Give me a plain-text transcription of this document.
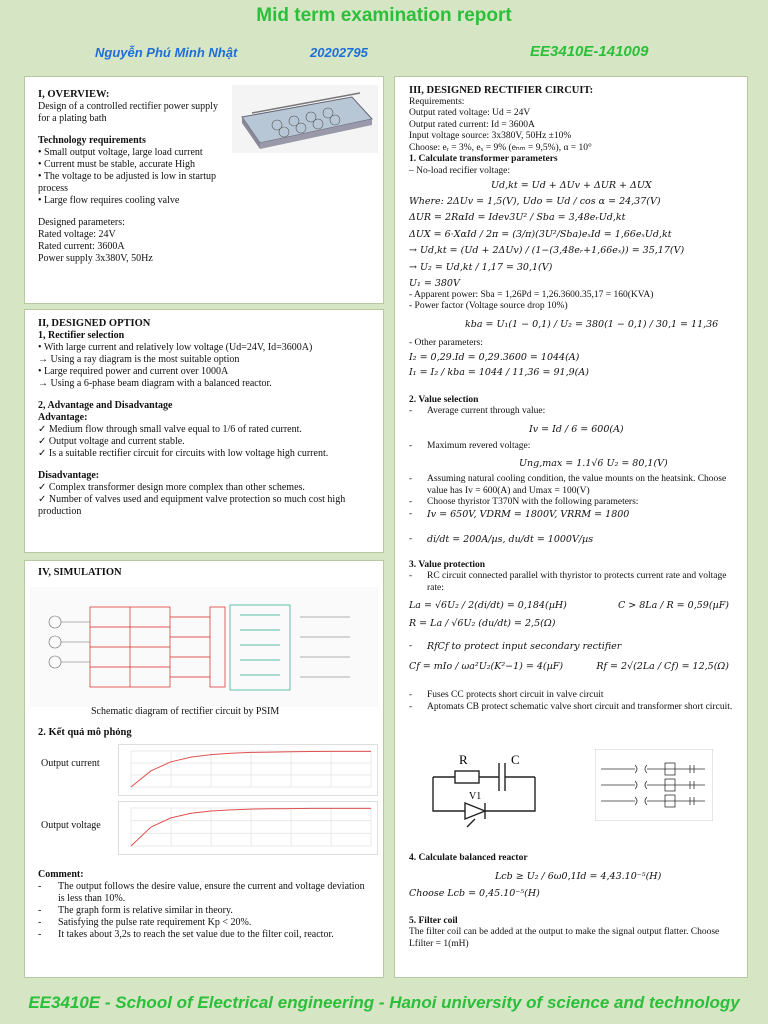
Mid term examination report
Nguyễn Phú Minh Nhật	20202795	EE3410E-141009
I, OVERVIEW:
Design of a controlled rectifier power supply for a plating bath
Technology requirements
• Small output voltage, large load current
• Current must be stable, accurate High
• The voltage to be adjusted is low in startup process
• Large flow requires cooling valve
Designed parameters:
Rated voltage: 24V
Rated current: 3600A
Power supply 3x380V, 50Hz
II, DESIGNED OPTION
1, Rectifier selection
• With large current and relatively low voltage (Ud=24V, Id=3600A)
→ Using a ray diagram is the most suitable option
• Large required power and current over 1000A
→ Using a 6-phase beam diagram with a balanced reactor.
2, Advantage and Disadvantage
Advantage:
✓ Medium flow through small valve equal to 1/6 of rated current.
✓ Output voltage and current stable.
✓ Is a suitable rectifier circuit for circuits with low voltage high current.
Disadvantage:
✓ Complex transformer design more complex than other schemes.
✓ Number of valves used and equipment valve protection so much cost high production
IV, SIMULATION
Schematic diagram of rectifier circuit by PSIM
2. Kết quả mô phỏng
Output current
Output voltage
Comment:
-	The output follows the desire value, ensure the current and voltage deviation is less than 10%.
-	The graph form is relative similar in theory.
-	Satisfying the pulse rate requirement Kp < 20%.
-	It takes about 3,2s to reach the set value due to the filter coil, reactor.
III, DESIGNED RECTIFIER CIRCUIT:
Requirements:
Output rated voltage: Ud = 24V
Output rated current: Id = 3600A
Input voltage source: 3x380V, 50Hz ±10%
Choose: eᵣ = 3%, eₓ = 9% (eₙₘ = 9,5%), α = 10°
1. Calculate transformer parameters
– No-load recifier voltage:
Ud,kt = Ud + ΔUv + ΔUR + ΔUX
Where: 2ΔUv = 1,5(V), Udo = Ud / cos α = 24,37(V)
ΔUR = 2RαId = Idev3U² / Sba = 3,48eᵣUd,kt
ΔUX = 6·XαId / 2π = (3/π)(3U²/Sba)eₓId = 1,66eₓUd,kt
→ Ud,kt = (Ud + 2ΔUv) / (1−(3,48eᵣ+1,66eₓ)) = 35,17(V)
→ U₂ = Ud,kt / 1,17 = 30,1(V)
U₁ = 380V
- Apparent power: Sba = 1,26Pd = 1,26.3600.35,17 = 160(KVA)
- Power factor (Voltage source drop 10%)
kba = U₁(1 − 0,1) / U₂ = 380(1 − 0,1) / 30,1 = 11,36
- Other parameters:
I₂ = 0,29.Id = 0,29.3600 = 1044(A)
I₁ = I₂ / kba = 1044 / 11,36 = 91,9(A)
2. Value selection
-	Average current through value:
Iv = Id / 6 = 600(A)
-	Maximum revered voltage:
Ung,max = 1.1√6 U₂ = 80,1(V)
-	Assuming natural cooling condition, the value mounts on the heatsink. Choose value has Iv = 600(A) and Umax = 100(V)
-	Choose thyristor T370N with the following parameters:
-	Iv = 650V, VDRM = 1800V, VRRM = 1800
-	di/dt = 200A/µs, du/dt = 1000V/µs
3. Value protection
-	RC circuit connected parallel with thyristor to protects current rate and voltage rate:
La = √6U₂ / 2(di/dt) = 0,184(µH)	C > 8La / R = 0,59(µF)
R = La / √6U₂ (du/dt) = 2,5(Ω)
-	RfCf to protect input secondary rectifier
Cf = mIo / ωa²U₂(K²−1) = 4(µF)	Rf = 2√(2La / Cf) = 12,5(Ω)
-	Fuses CC protects short circuit in valve circuit
-	Aptomats CB protect schematic valve short circuit and transformer short circuit.
R	C
V1
4. Calculate balanced reactor
Lcb ≥ U₂ / 6ω0,1Id = 4,43.10⁻⁵(H)
Choose Lcb = 0,45.10⁻⁵(H)
5. Filter coil
The filter coil can be added at the output to make the signal output flatter. Choose Lfilter = 1(mH)
EE3410E - School of Electrical engineering - Hanoi university of science and technology
